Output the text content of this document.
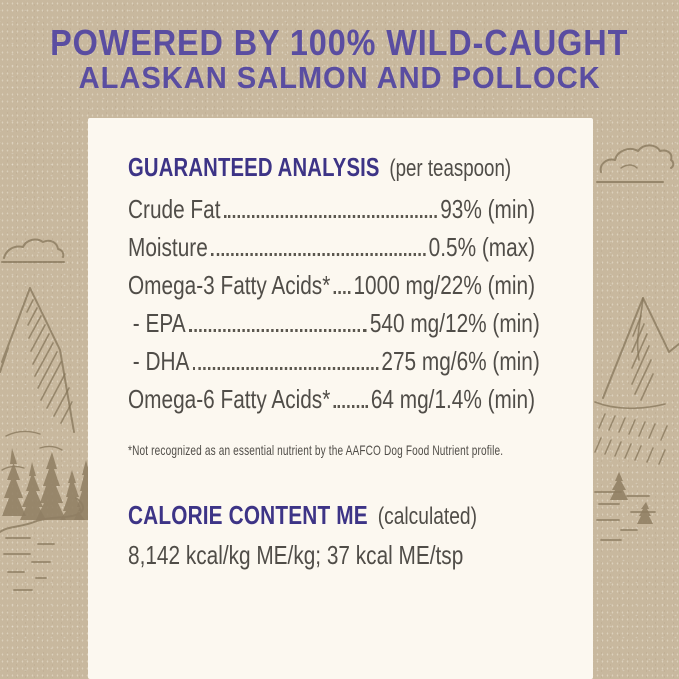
POWERED BY 100% WILD-CAUGHT
ALASKAN SALMON AND POLLOCK
GUARANTEED ANALYSIS (per teaspoon)
Crude Fat	93% (min)
Moisture	0.5% (max)
Omega-3 Fatty Acids* 1000 mg/22% (min)
- EPA	540 mg/12% (min)
- DHA	275 mg/6% (min)
Omega-6 Fatty Acids* 64 mg/1.4% (min)
*Not recognized as an essential nutrient by the AAFCO Dog Food Nutrient profile.
CALORIE CONTENT ME (calculated) 8,142 kcal/kg ME/kg; 37 kcal ME/tsp
